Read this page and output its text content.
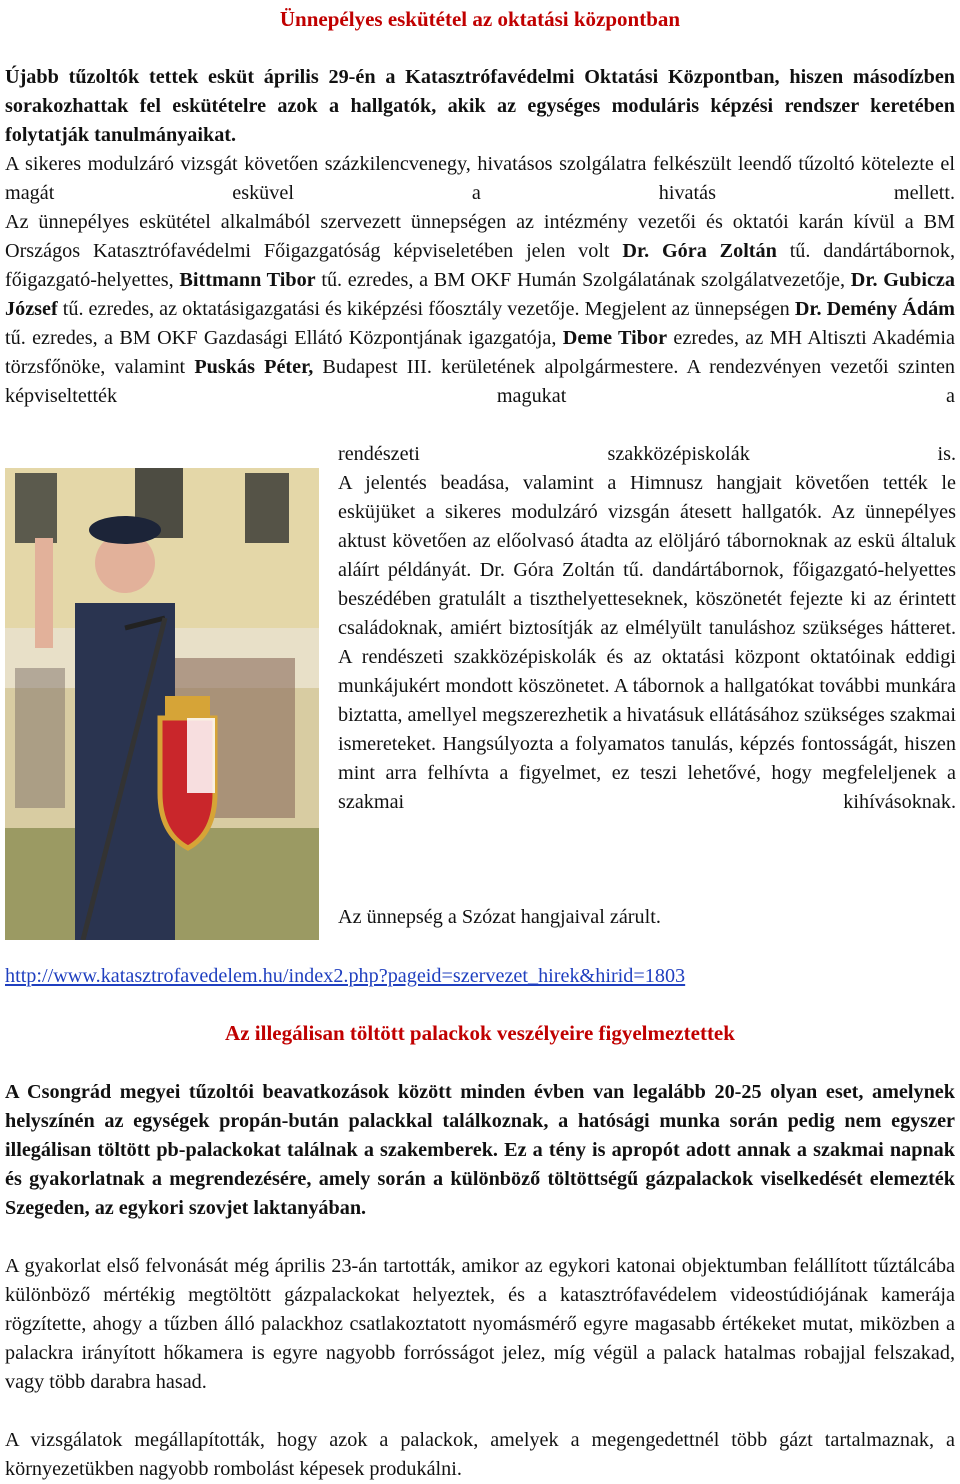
Ünnepélyes eskütétel az oktatási központban

Újabb tűzoltók tettek esküt április 29-én a Katasztrófavédelmi Oktatási Központban, hiszen másodízben sorakozhattak fel eskütételre azok a hallgatók, akik az egységes moduláris képzési rendszer keretében folytatják tanulmányaikat.

A sikeres modulzáró vizsgát követően százkilencvenegy, hivatásos szolgálatra felkészült leendő tűzoltó kötelezte el magát esküvel a hivatás mellett.

Az ünnepélyes eskütétel alkalmából szervezett ünnepségen az intézmény vezetői és oktatói karán kívül a BM Országos Katasztrófavédelmi Főigazgatóság képviseletében jelen volt Dr. Góra Zoltán tű. dandártábornok, főigazgató-helyettes, Bittmann Tibor tű. ezredes, a BM OKF Humán Szolgálatának szolgálatvezetője, Dr. Gubicza József tű. ezredes, az oktatásigazgatási és kiképzési főosztály vezetője. Megjelent az ünnepségen Dr. Demény Ádám tű. ezredes, a BM OKF Gazdasági Ellátó Központjának igazgatója, Deme Tibor ezredes, az MH Altiszti Akadémia törzsfőnöke, valamint Puskás Péter, Budapest III. kerületének alpolgármestere. A rendezvényen vezetői szinten képviseltették magukat a

rendészeti szakközépiskolák is.

A jelentés beadása, valamint a Himnusz hangjait követően tették le esküjüket a sikeres modulzáró vizsgán átesett hallgatók. Az ünnepélyes aktust követően az előolvasó átadta az elöljáró tábornoknak az eskü általuk aláírt példányát. Dr. Góra Zoltán tű. dandártábornok, főigazgató-helyettes beszédében gratulált a tiszthelyetteseknek, köszönetét fejezte ki az érintett családoknak, amiért biztosítják az elmélyült tanuláshoz szükséges hátteret. A rendészeti szakközépiskolák és az oktatási központ oktatóinak eddigi munkájukért mondott köszönetet. A tábornok a hallgatókat további munkára biztatta, amellyel megszerezhetik a hivatásuk ellátásához szükséges szakmai ismereteket. Hangsúlyozta a folyamatos tanulás, képzés fontosságát, hiszen mint arra felhívta a figyelmet, ez teszi lehetővé, hogy megfeleljenek a szakmai kihívásoknak.

Az ünnepség a Szózat hangjaival zárult.

http://www.katasztrofavedelem.hu/index2.php?pageid=szervezet_hirek&hirid=1803
Az illegálisan töltött palackok veszélyeire figyelmeztettek

A Csongrád megyei tűzoltói beavatkozások között minden évben van legalább 20-25 olyan eset, amelynek helyszínén az egységek propán-bután palackkal találkoznak, a hatósági munka során pedig nem egyszer illegálisan töltött pb-palackokat találnak a szakemberek. Ez a tény is apropót adott annak a szakmai napnak és gyakorlatnak a megrendezésére, amely során a különböző töltöttségű gázpalackok viselkedését elemezték Szegeden, az egykori szovjet laktanyában.

A gyakorlat első felvonását még április 23-án tartották, amikor az egykori katonai objektumban felállított tűztálcába különböző mértékig megtöltött gázpalackokat helyeztek, és a katasztrófavédelem videostúdiójának kamerája rögzítette, ahogy a tűzben álló palackhoz csatlakoztatott nyomásmérő egyre magasabb értékeket mutat, miközben a palackra irányított hőkamera is egyre nagyobb forrósságot jelez, míg végül a palack hatalmas robajjal felszakad, vagy több darabra hasad.

A vizsgálatok megállapították, hogy azok a palackok, amelyek a megengedettnél több gázt tartalmaznak, a környezetükben nagyobb rombolást képesek produkálni.
